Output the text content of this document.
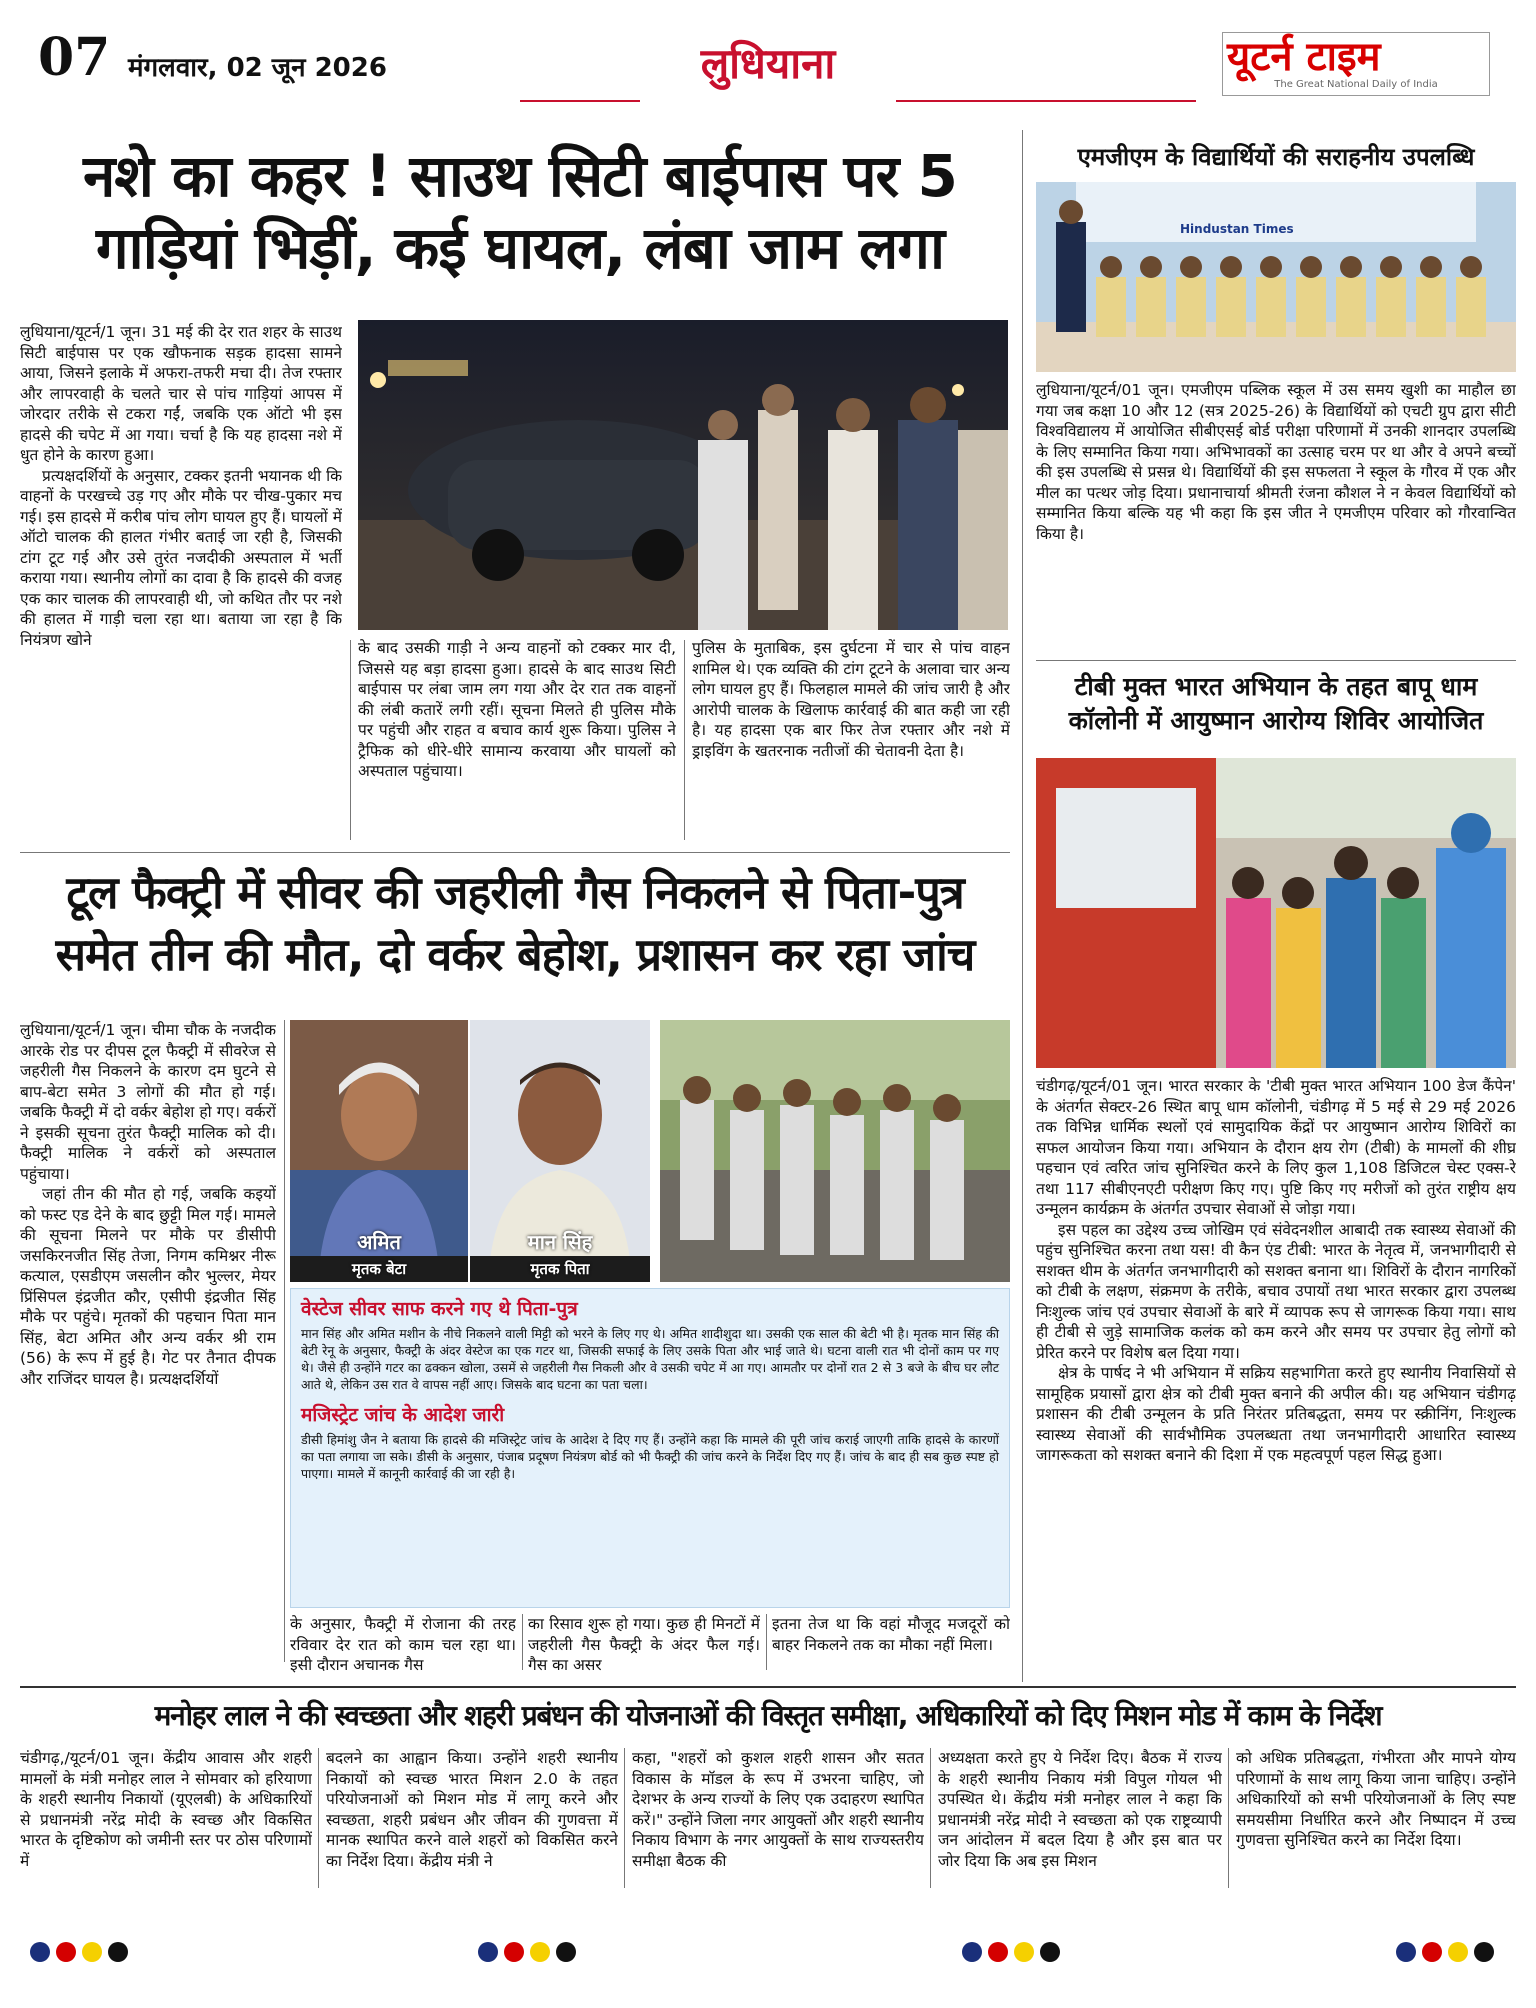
07 मंगलवार, 02 जून 2026	लुधियाना	यूटर्न टाइम
The Great National Daily of India
नशे का कहर ! साउथ सिटी बाईपास पर 5
गाड़ियां भिड़ीं, कई घायल, लंबा जाम लगा

लुधियाना/यूटर्न/1 जून। 31 मई की देर रात शहर के साउथ सिटी बाईपास पर एक खौफनाक सड़क हादसा सामने आया, जिसने इलाके में अफरा-तफरी मचा दी। तेज रफ्तार और लापरवाही के चलते चार से पांच गाड़ियां आपस में जोरदार तरीके से टकरा गईं, जबकि एक ऑटो भी इस हादसे की चपेट में आ गया। चर्चा है कि यह हादसा नशे में धुत होने के कारण हुआ।

प्रत्यक्षदर्शियों के अनुसार, टक्कर इतनी भयानक थी कि वाहनों के परखच्चे उड़ गए और मौके पर चीख-पुकार मच गई। इस हादसे में करीब पांच लोग घायल हुए हैं। घायलों में ऑटो चालक की हालत गंभीर बताई जा रही है, जिसकी टांग टूट गई और उसे तुरंत नजदीकी अस्पताल में भर्ती कराया गया। स्थानीय लोगों का दावा है कि हादसे की वजह एक कार चालक की लापरवाही थी, जो कथित तौर पर नशे की हालत में गाड़ी चला रहा था। बताया जा रहा है कि नियंत्रण खोने	के बाद उसकी गाड़ी ने अन्य वाहनों को टक्कर मार दी, जिससे यह बड़ा हादसा हुआ। हादसे के बाद साउथ सिटी बाईपास पर लंबा जाम लग गया और देर रात तक वाहनों की लंबी कतारें लगी रहीं। सूचना मिलते ही पुलिस मौके पर पहुंची और राहत व बचाव कार्य शुरू किया। पुलिस ने ट्रैफिक को धीरे-धीरे सामान्य करवाया और घायलों को अस्पताल पहुंचाया।

पुलिस के मुताबिक, इस दुर्घटना में चार से पांच वाहन शामिल थे। एक व्यक्ति की टांग टूटने के अलावा चार अन्य लोग घायल हुए हैं। फिलहाल मामले की जांच जारी है और आरोपी चालक के खिलाफ कार्रवाई की बात कही जा रही है। यह हादसा एक बार फिर तेज रफ्तार और नशे में ड्राइविंग के खतरनाक नतीजों की चेतावनी देता है।

टूल फैक्ट्री में सीवर की जहरीली गैस निकलने से पिता-पुत्र
समेत तीन की मौत, दो वर्कर बेहोश, प्रशासन कर रहा जांच

लुधियाना/यूटर्न/1 जून। चीमा चौक के नजदीक आरके रोड पर दीपस टूल फैक्ट्री में सीवरेज से जहरीली गैस निकलने के कारण दम घुटने से बाप-बेटा समेत 3 लोगों की मौत हो गई। जबकि फैक्ट्री में दो वर्कर बेहोश हो गए। वर्करों ने इसकी सूचना तुरंत फैक्ट्री मालिक को दी। फैक्ट्री मालिक ने वर्करों को अस्पताल पहुंचाया।

जहां तीन की मौत हो गई, जबकि कइयों को फस्ट एड देने के बाद छुट्टी मिल गई। मामले की सूचना मिलने पर मौके पर डीसीपी जसकिरनजीत सिंह तेजा, निगम कमिश्नर नीरू कत्याल, एसडीएम जसलीन कौर भुल्लर, मेयर प्रिंसिपल इंद्रजीत कौर, एसीपी इंद्रजीत सिंह मौके पर पहुंचे। मृतकों की पहचान पिता मान सिंह, बेटा अमित और अन्य वर्कर श्री राम (56) के रूप में हुई है। गेट पर तैनात दीपक और राजिंदर घायल है। प्रत्यक्षदर्शियों

अमित
मृतक बेटा
मान सिंह
मृतक पिता
वेस्टेज सीवर साफ करने गए थे पिता-पुत्र
मान सिंह और अमित मशीन के नीचे निकलने वाली मिट्टी को भरने के लिए गए थे। अमित शादीशुदा था। उसकी एक साल की बेटी भी है। मृतक मान सिंह की बेटी रेनू के अनुसार, फैक्ट्री के अंदर वेस्टेज का एक गटर था, जिसकी सफाई के लिए उसके पिता और भाई जाते थे। घटना वाली रात भी दोनों काम पर गए थे। जैसे ही उन्होंने गटर का ढक्कन खोला, उसमें से जहरीली गैस निकली और वे उसकी चपेट में आ गए। आमतौर पर दोनों रात 2 से 3 बजे के बीच घर लौट आते थे, लेकिन उस रात वे वापस नहीं आए। जिसके बाद घटना का पता चला।
मजिस्ट्रेट जांच के आदेश जारी
डीसी हिमांशु जैन ने बताया कि हादसे की मजिस्ट्रेट जांच के आदेश दे दिए गए हैं। उन्होंने कहा कि मामले की पूरी जांच कराई जाएगी ताकि हादसे के कारणों का पता लगाया जा सके। डीसी के अनुसार, पंजाब प्रदूषण नियंत्रण बोर्ड को भी फैक्ट्री की जांच करने के निर्देश दिए गए हैं। जांच के बाद ही सब कुछ स्पष्ट हो पाएगा। मामले में कानूनी कार्रवाई की जा रही है।

के अनुसार, फैक्ट्री में रोजाना की तरह रविवार देर रात को काम चल रहा था। इसी दौरान अचानक गैस

का रिसाव शुरू हो गया। कुछ ही मिनटों में जहरीली गैस फैक्ट्री के अंदर फैल गई। गैस का असर

इतना तेज था कि वहां मौजूद मजदूरों को बाहर निकलने तक का मौका नहीं मिला।

एमजीएम के विद्यार्थियों की सराहनीय उपलब्धि
Hindustan Times

लुधियाना/यूटर्न/01 जून। एमजीएम पब्लिक स्कूल में उस समय खुशी का माहौल छा गया जब कक्षा 10 और 12 (सत्र 2025-26) के विद्यार्थियों को एचटी ग्रुप द्वारा सीटी विश्वविद्यालय में आयोजित सीबीएसई बोर्ड परीक्षा परिणामों में उनकी शानदार उपलब्धि के लिए सम्मानित किया गया। अभिभावकों का उत्साह चरम पर था और वे अपने बच्चों की इस उपलब्धि से प्रसन्न थे। विद्यार्थियों की इस सफलता ने स्कूल के गौरव में एक और मील का पत्थर जोड़ दिया। प्रधानाचार्या श्रीमती रंजना कौशल ने न केवल विद्यार्थियों को सम्मानित किया बल्कि यह भी कहा कि इस जीत ने एमजीएम परिवार को गौरवान्वित किया है।

टीबी मुक्त भारत अभियान के तहत बापू धाम
कॉलोनी में आयुष्मान आरोग्य शिविर आयोजित

चंडीगढ़/यूटर्न/01 जून। भारत सरकार के 'टीबी मुक्त भारत अभियान 100 डेज कैंपेन' के अंतर्गत सेक्टर-26 स्थित बापू धाम कॉलोनी, चंडीगढ़ में 5 मई से 29 मई 2026 तक विभिन्न धार्मिक स्थलों एवं सामुदायिक केंद्रों पर आयुष्मान आरोग्य शिविरों का सफल आयोजन किया गया। अभियान के दौरान क्षय रोग (टीबी) के मामलों की शीघ्र पहचान एवं त्वरित जांच सुनिश्चित करने के लिए कुल 1,108 डिजिटल चेस्ट एक्स-रे तथा 117 सीबीएनएटी परीक्षण किए गए। पुष्टि किए गए मरीजों को तुरंत राष्ट्रीय क्षय उन्मूलन कार्यक्रम के अंतर्गत उपचार सेवाओं से जोड़ा गया।

इस पहल का उद्देश्य उच्च जोखिम एवं संवेदनशील आबादी तक स्वास्थ्य सेवाओं की पहुंच सुनिश्चित करना तथा यस! वी कैन एंड टीबी: भारत के नेतृत्व में, जनभागीदारी से सशक्त थीम के अंतर्गत जनभागीदारी को सशक्त बनाना था। शिविरों के दौरान नागरिकों को टीबी के लक्षण, संक्रमण के तरीके, बचाव उपायों तथा भारत सरकार द्वारा उपलब्ध निःशुल्क जांच एवं उपचार सेवाओं के बारे में व्यापक रूप से जागरूक किया गया। साथ ही टीबी से जुड़े सामाजिक कलंक को कम करने और समय पर उपचार हेतु लोगों को प्रेरित करने पर विशेष बल दिया गया।

क्षेत्र के पार्षद ने भी अभियान में सक्रिय सहभागिता करते हुए स्थानीय निवासियों से सामूहिक प्रयासों द्वारा क्षेत्र को टीबी मुक्त बनाने की अपील की। यह अभियान चंडीगढ़ प्रशासन की टीबी उन्मूलन के प्रति निरंतर प्रतिबद्धता, समय पर स्क्रीनिंग, निःशुल्क स्वास्थ्य सेवाओं की सार्वभौमिक उपलब्धता तथा जनभागीदारी आधारित स्वास्थ्य जागरूकता को सशक्त बनाने की दिशा में एक महत्वपूर्ण पहल सिद्ध हुआ।

मनोहर लाल ने की स्वच्छता और शहरी प्रबंधन की योजनाओं की विस्तृत समीक्षा, अधिकारियों को दिए मिशन मोड में काम के निर्देश

चंडीगढ़,/यूटर्न/01 जून। केंद्रीय आवास और शहरी मामलों के मंत्री मनोहर लाल ने सोमवार को हरियाणा के शहरी स्थानीय निकायों (यूएलबी) के अधिकारियों से प्रधानमंत्री नरेंद्र मोदी के स्वच्छ और विकसित भारत के दृष्टिकोण को जमीनी स्तर पर ठोस परिणामों में

बदलने का आह्वान किया। उन्होंने शहरी स्थानीय निकायों को स्वच्छ भारत मिशन 2.0 के तहत परियोजनाओं को मिशन मोड में लागू करने और स्वच्छता, शहरी प्रबंधन और जीवन की गुणवत्ता में मानक स्थापित करने वाले शहरों को विकसित करने का निर्देश दिया। केंद्रीय मंत्री ने

कहा, "शहरों को कुशल शहरी शासन और सतत विकास के मॉडल के रूप में उभरना चाहिए, जो देशभर के अन्य राज्यों के लिए एक उदाहरण स्थापित करें।" उन्होंने जिला नगर आयुक्तों और शहरी स्थानीय निकाय विभाग के नगर आयुक्तों के साथ राज्यस्तरीय समीक्षा बैठक की

अध्यक्षता करते हुए ये निर्देश दिए। बैठक में राज्य के शहरी स्थानीय निकाय मंत्री विपुल गोयल भी उपस्थित थे। केंद्रीय मंत्री मनोहर लाल ने कहा कि प्रधानमंत्री नरेंद्र मोदी ने स्वच्छता को एक राष्ट्रव्यापी जन आंदोलन में बदल दिया है और इस बात पर जोर दिया कि अब इस मिशन

को अधिक प्रतिबद्धता, गंभीरता और मापने योग्य परिणामों के साथ लागू किया जाना चाहिए। उन्होंने अधिकारियों को सभी परियोजनाओं के लिए स्पष्ट समयसीमा निर्धारित करने और निष्पादन में उच्च गुणवत्ता सुनिश्चित करने का निर्देश दिया।
